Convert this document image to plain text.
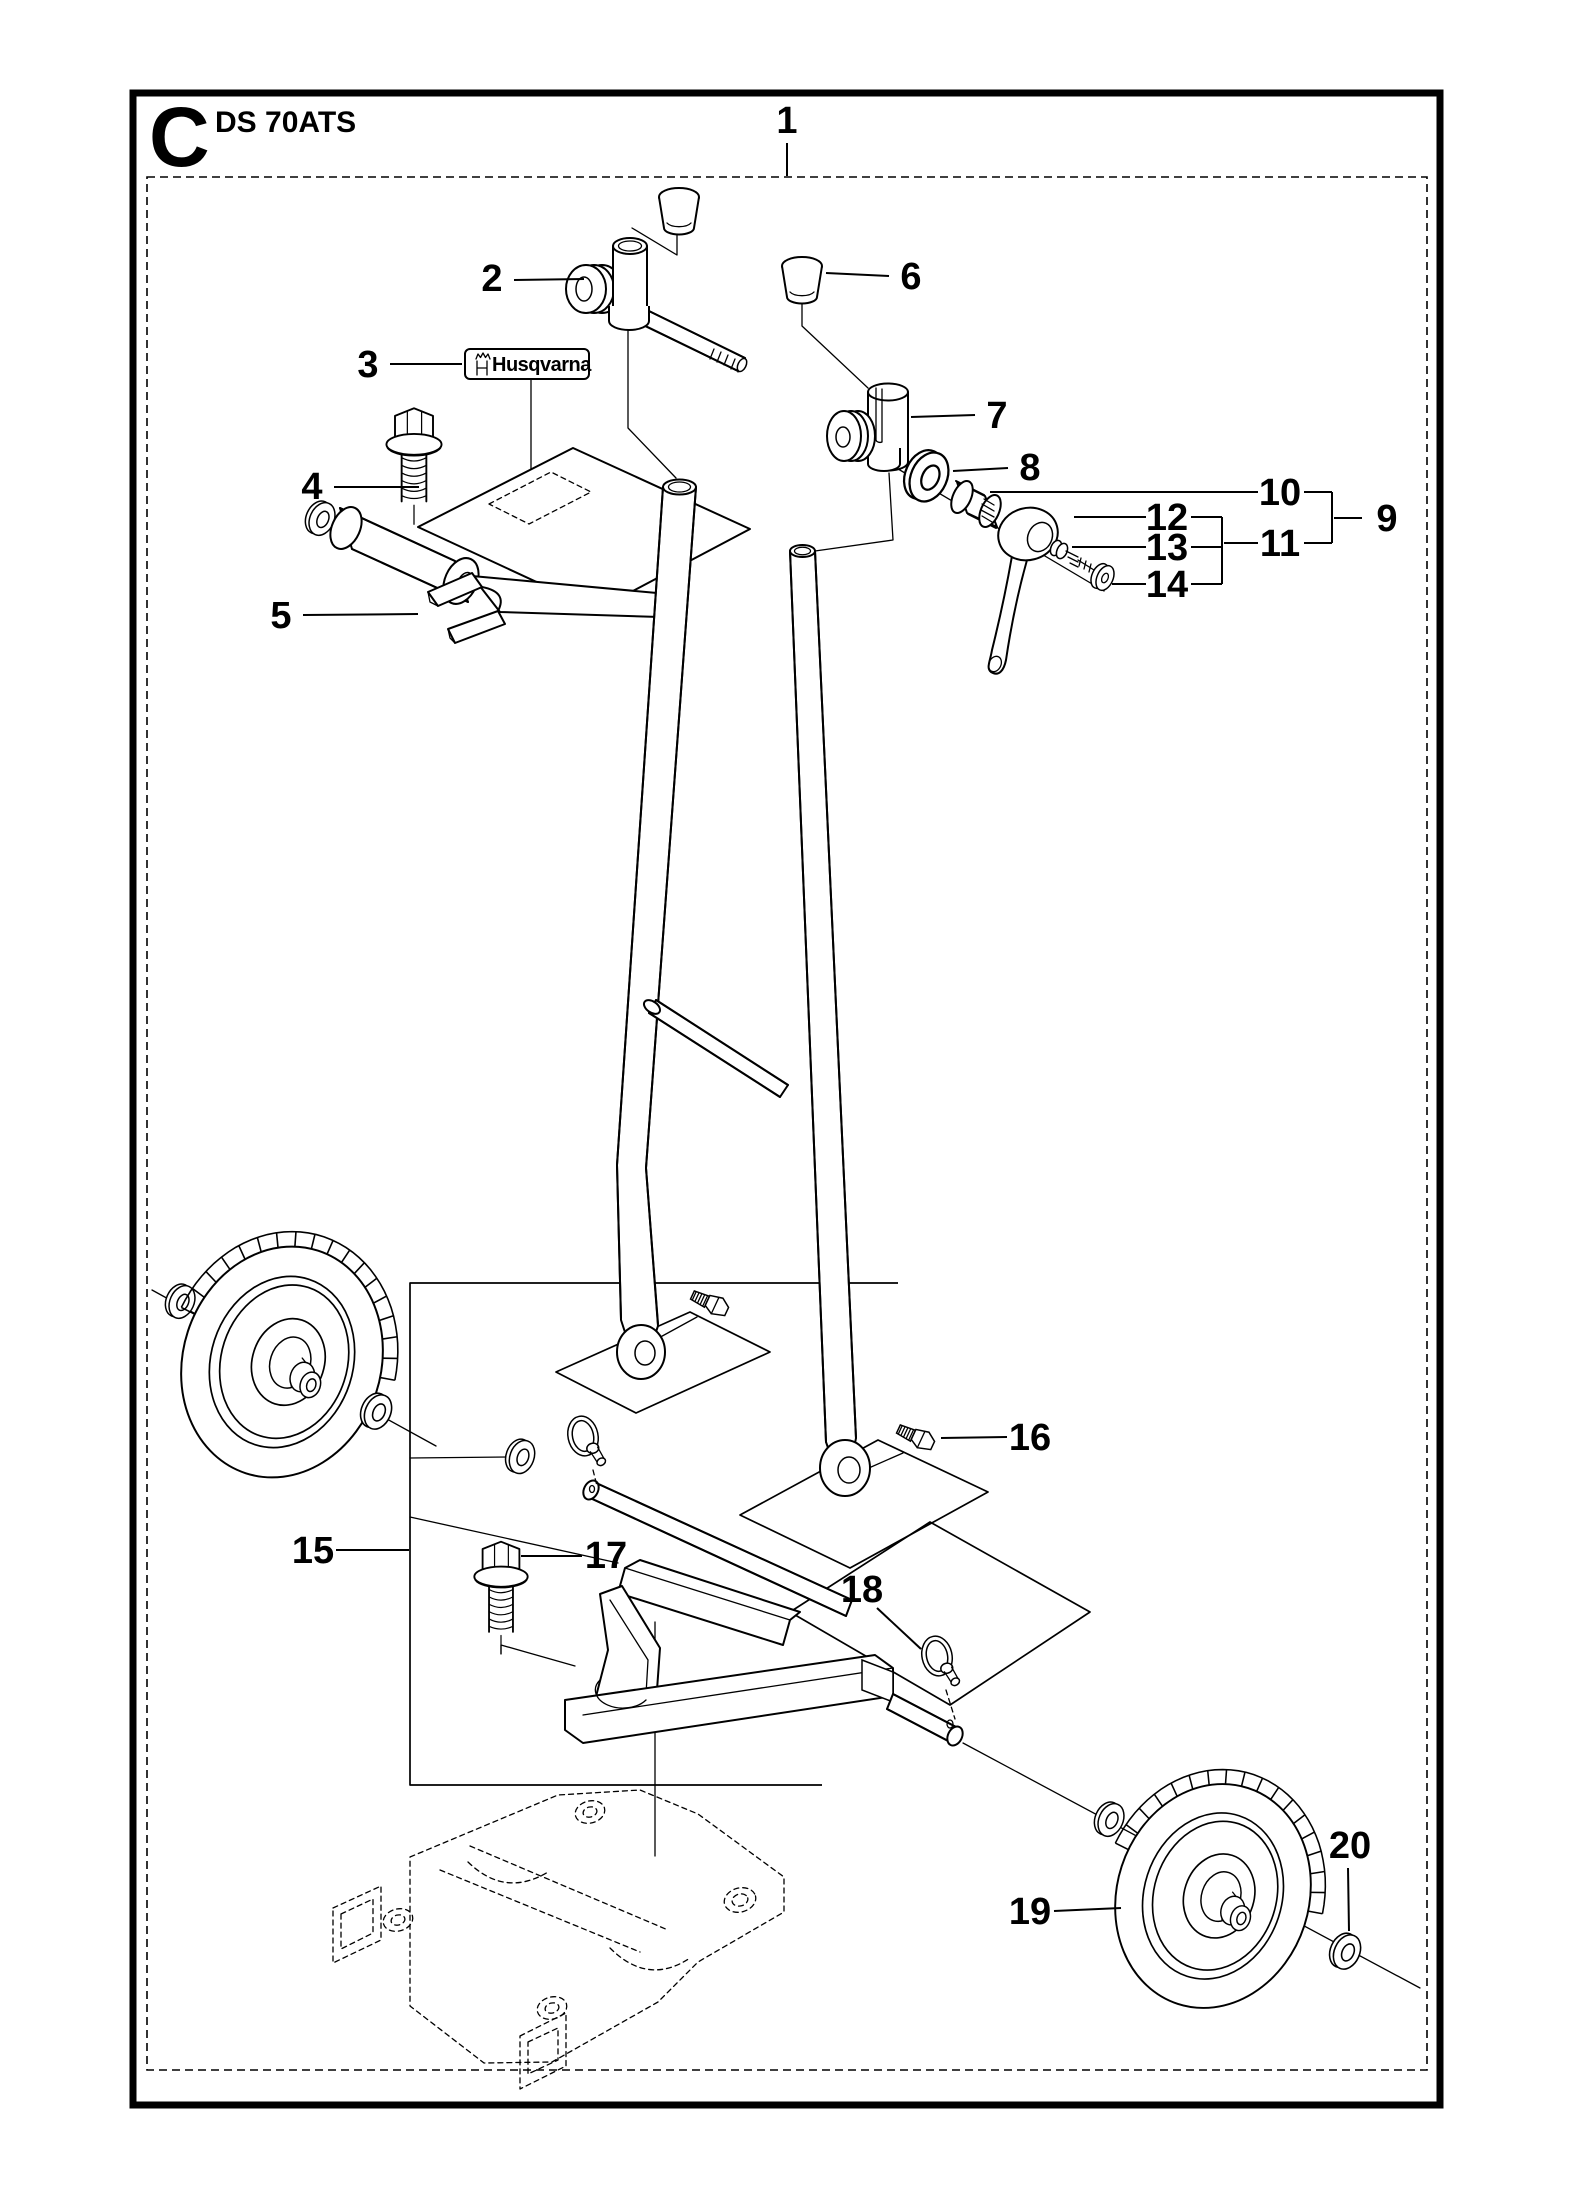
C DS 70ATS
Husqvarna
1
2
3
4
5
6
7
8
9
10
11
12
13
14
15
16
17
18
19
20
